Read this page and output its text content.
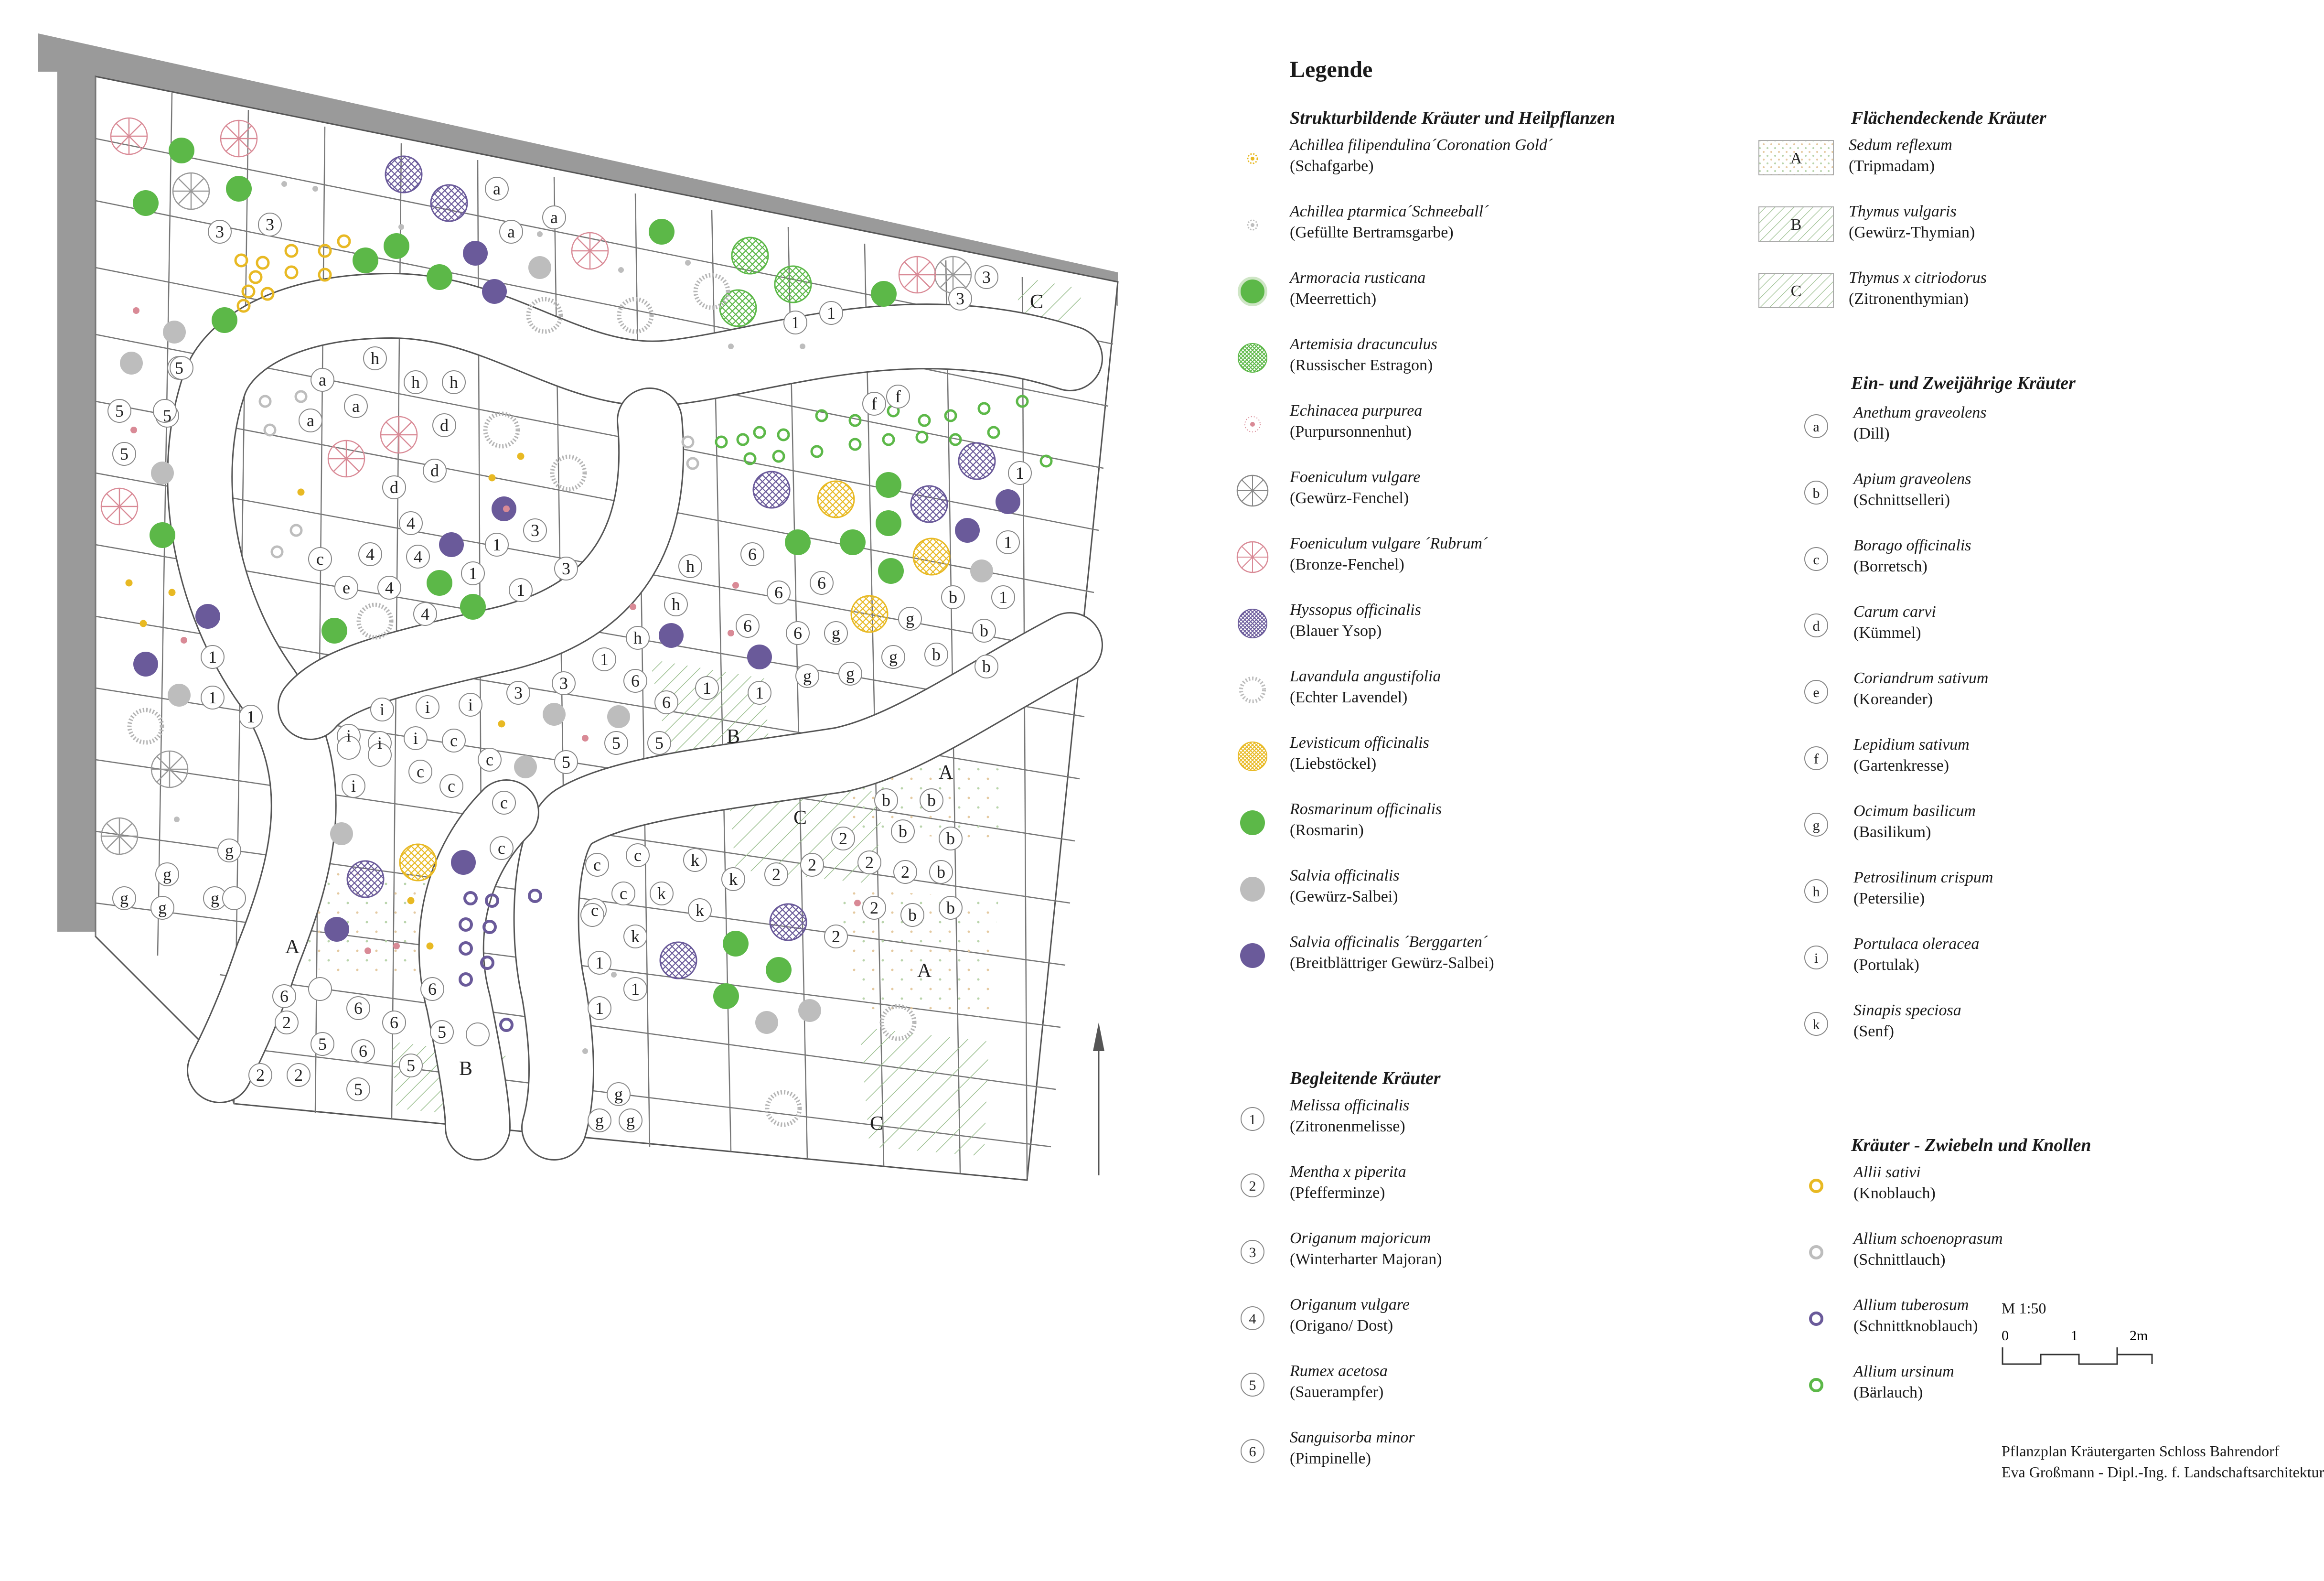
3 3
a
a
a
1 1
3
3
5
5 5
5
h
h h
a
a
a	d
d
d
4	3
1
3
4 4
1
1
c
e 4
4
f f
1
1
1
h
6
6 6
b
6 6 g
g
b
h
h
6
1
3
3	6
1	1
g g
g b
b
1
1
1
5 5
5
i
i
i
i i i c
c
c
c
c
i
c
g
g
g
g g
c c	k
k 2 2
2
2 2 b
b
b
b
b
c
c k
k
k
2 b b
2
1
1
1
6
6
6
6
5
2
5 6
5
2 2
5	g
g g
C
B
A
C
A
C
A
B
Legende
Strukturbildende Kräuter und Heilpflanzen	Flächendeckende Kräuter
Ein- und Zweijährige Kräuter
Begleitende Kräuter
Kräuter - Zwiebeln und Knollen
Achillea filipendulina´Coronation Gold´
(Schafgarbe)
Achillea ptarmica´Schneeball´
(Gefüllte Bertramsgarbe)
Armoracia rusticana
(Meerrettich)
Artemisia dracunculus
(Russischer Estragon)
Echinacea purpurea
(Purpursonnenhut)
Foeniculum vulgare
(Gewürz-Fenchel)
Foeniculum vulgare ´Rubrum´
(Bronze-Fenchel)
Hyssopus officinalis
(Blauer Ysop)
Lavandula angustifolia
(Echter Lavendel)
Levisticum officinalis
(Liebstöckel)
Rosmarinum officinalis
(Rosmarin)
Salvia officinalis
(Gewürz-Salbei)
Salvia officinalis ´Berggarten´
(Breitblättriger Gewürz-Salbei)
1
Melissa officinalis
(Zitronenmelisse)
2
Mentha x piperita
(Pfefferminze)
3
Origanum majoricum
(Winterharter Majoran)
4
Origanum vulgare
(Origano/ Dost)
5
Rumex acetosa
(Sauerampfer)
6
Sanguisorba minor
(Pimpinelle)
A
Sedum reflexum
(Tripmadam)
B
Thymus vulgaris
(Gewürz-Thymian)
C
Thymus x citriodorus
(Zitronenthymian)
a
Anethum graveolens
(Dill)
b
Apium graveolens
(Schnittselleri)
c
Borago officinalis
(Borretsch)
d
Carum carvi
(Kümmel)
e
Coriandrum sativum
(Koreander)
f
Lepidium sativum
(Gartenkresse)
g
Ocimum basilicum
(Basilikum)
h
Petrosilinum crispum
(Petersilie)
i
Portulaca oleracea
(Portulak)
k
Sinapis speciosa
(Senf)
Allii sativi
(Knoblauch)
Allium schoenoprasum
(Schnittlauch)
Allium tuberosum
(Schnittknoblauch)
Allium ursinum
(Bärlauch)
M 1:50
0	1	2m
Pflanzplan Kräutergarten Schloss Bahrendorf
Eva Großmann - Dipl.-Ing. f. Landschaftsarchitektur
